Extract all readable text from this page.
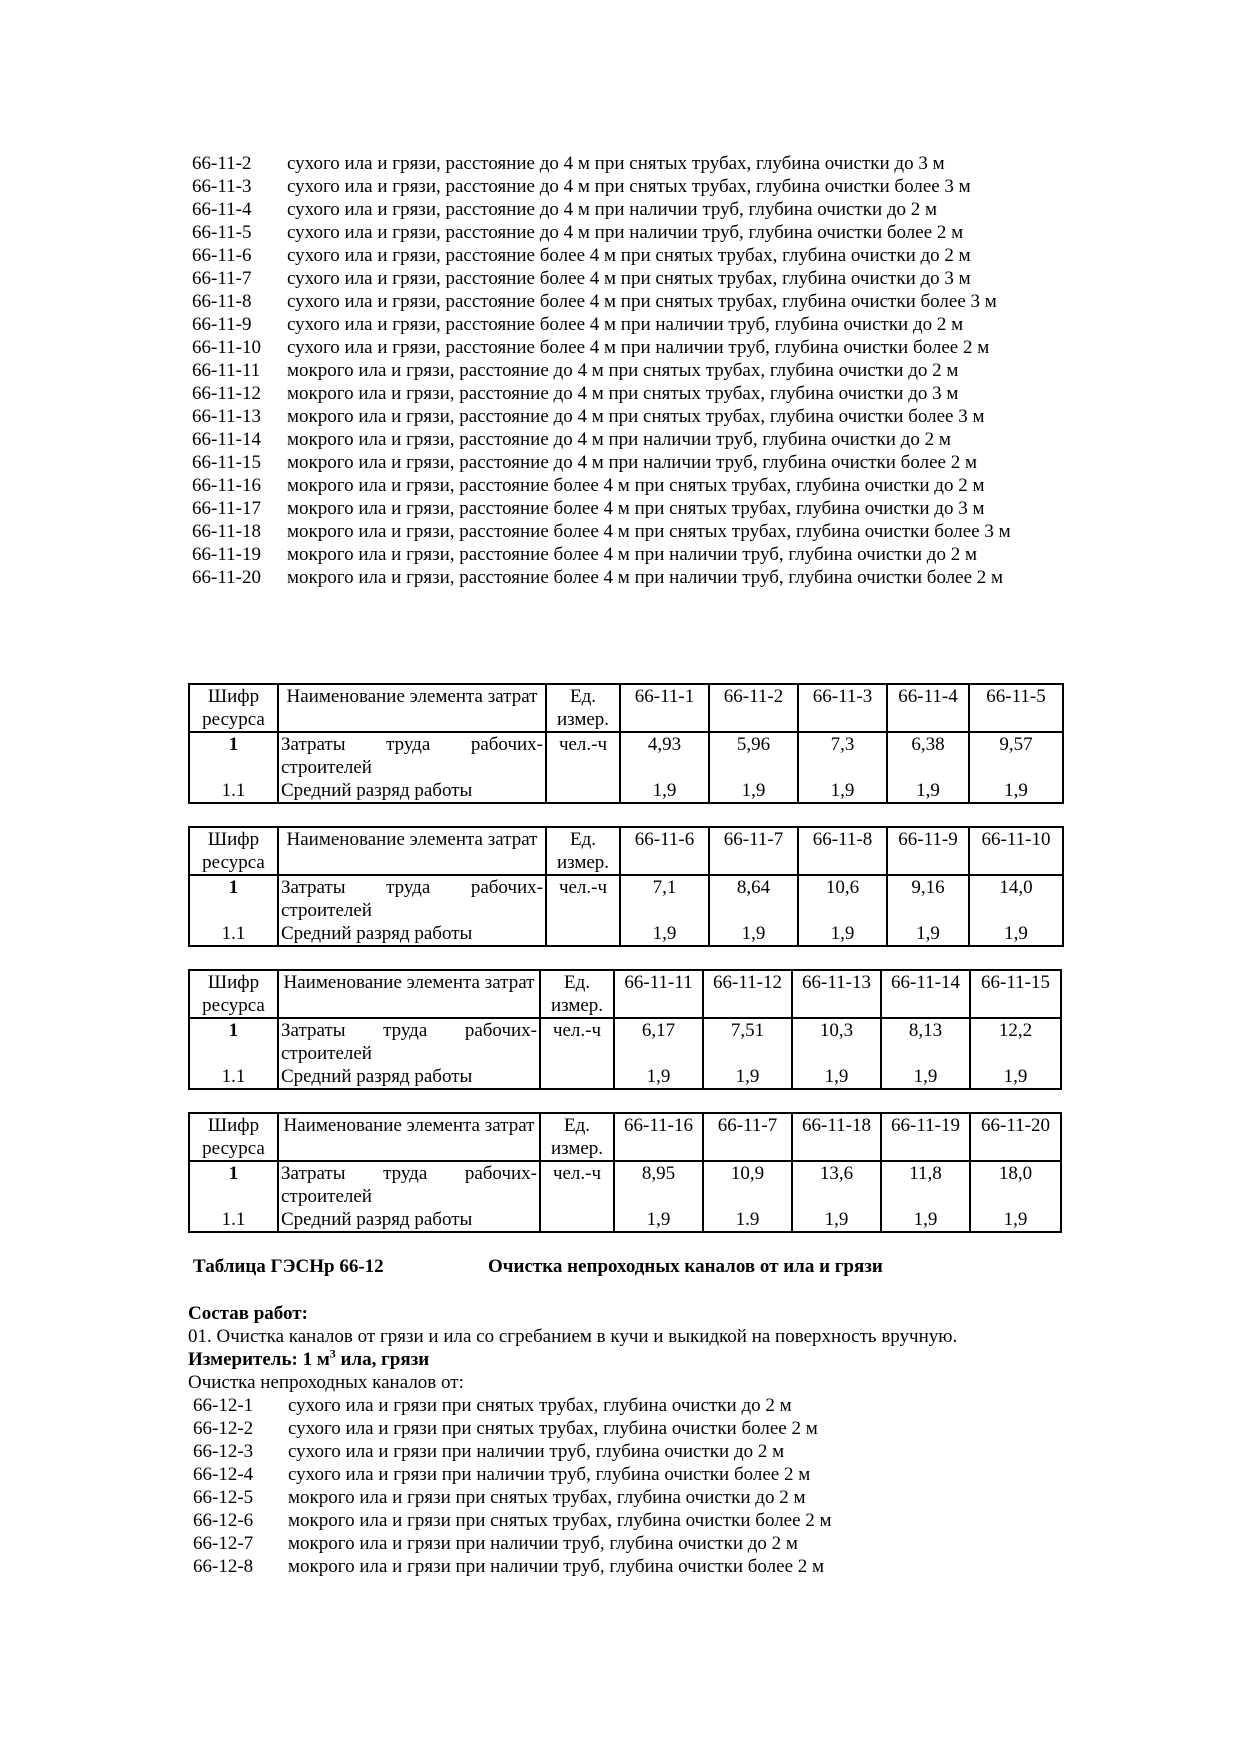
66-11-2	сухого ила и грязи, расстояние до 4 м при снятых трубах, глубина очистки до 3 м
66-11-3	сухого ила и грязи, расстояние до 4 м при снятых трубах, глубина очистки более 3 м
66-11-4	сухого ила и грязи, расстояние до 4 м при наличии труб, глубина очистки до 2 м
66-11-5	сухого ила и грязи, расстояние до 4 м при наличии труб, глубина очистки более 2 м
66-11-6	сухого ила и грязи, расстояние более 4 м при снятых трубах, глубина очистки до 2 м
66-11-7	сухого ила и грязи, расстояние более 4 м при снятых трубах, глубина очистки до 3 м
66-11-8	сухого ила и грязи, расстояние более 4 м при снятых трубах, глубина очистки более 3 м
66-11-9	сухого ила и грязи, расстояние более 4 м при наличии труб, глубина очистки до 2 м
66-11-10	сухого ила и грязи, расстояние более 4 м при наличии труб, глубина очистки более 2 м
66-11-11	мокрого ила и грязи, расстояние до 4 м при снятых трубах, глубина очистки до 2 м
66-11-12	мокрого ила и грязи, расстояние до 4 м при снятых трубах, глубина очистки до 3 м
66-11-13	мокрого ила и грязи, расстояние до 4 м при снятых трубах, глубина очистки более 3 м
66-11-14	мокрого ила и грязи, расстояние до 4 м при наличии труб, глубина очистки до 2 м
66-11-15	мокрого ила и грязи, расстояние до 4 м при наличии труб, глубина очистки более 2 м
66-11-16	мокрого ила и грязи, расстояние более 4 м при снятых трубах, глубина очистки до 2 м
66-11-17	мокрого ила и грязи, расстояние более 4 м при снятых трубах, глубина очистки до 3 м
66-11-18	мокрого ила и грязи, расстояние более 4 м при снятых трубах, глубина очистки более 3 м
66-11-19	мокрого ила и грязи, расстояние более 4 м при наличии труб, глубина очистки до 2 м
66-11-20	мокрого ила и грязи, расстояние более 4 м при наличии труб, глубина очистки более 2 м
Шифр ресурса	Наименование элемента затрат	Ед. измер.	66-11-1	66-11-2	66-11-3	66-11-4	66-11-5
1	Затраты труда рабочих-строителей	чел.-ч	4,93	5,96	7,3	6,38	9,57
1.1	Средний разряд работы		1,9	1,9	1,9	1,9	1,9
Шифр ресурса	Наименование элемента затрат	Ед. измер.	66-11-6	66-11-7	66-11-8	66-11-9	66-11-10
1	Затраты труда рабочих-строителей	чел.-ч	7,1	8,64	10,6	9,16	14,0
1.1	Средний разряд работы		1,9	1,9	1,9	1,9	1,9
Шифр ресурса	Наименование элемента затрат	Ед. измер.	66-11-11	66-11-12	66-11-13	66-11-14	66-11-15
1	Затраты труда рабочих-строителей	чел.-ч	6,17	7,51	10,3	8,13	12,2
1.1	Средний разряд работы		1,9	1,9	1,9	1,9	1,9
Шифр ресурса	Наименование элемента затрат	Ед. измер.	66-11-16	66-11-7	66-11-18	66-11-19	66-11-20
1	Затраты труда рабочих-строителей	чел.-ч	8,95	10,9	13,6	11,8	18,0
1.1	Средний разряд работы		1,9	1.9	1,9	1,9	1,9
Таблица ГЭСНр 66-12	Очистка непроходных каналов от ила и грязи
Состав работ:
01. Очистка каналов от грязи и ила со сгребанием в кучи и выкидкой на поверхность вручную.
Измеритель: 1 $м^3$ ила, грязи
Очистка непроходных каналов от:
66-12-1	сухого ила и грязи при снятых трубах, глубина очистки до 2 м
66-12-2	сухого ила и грязи при снятых трубах, глубина очистки более 2 м
66-12-3	сухого ила и грязи при наличии труб, глубина очистки до 2 м
66-12-4	сухого ила и грязи при наличии труб, глубина очистки более 2 м
66-12-5	мокрого ила и грязи при снятых трубах, глубина очистки до 2 м
66-12-6	мокрого ила и грязи при снятых трубах, глубина очистки более 2 м
66-12-7	мокрого ила и грязи при наличии труб, глубина очистки до 2 м
66-12-8	мокрого ила и грязи при наличии труб, глубина очистки более 2 м
